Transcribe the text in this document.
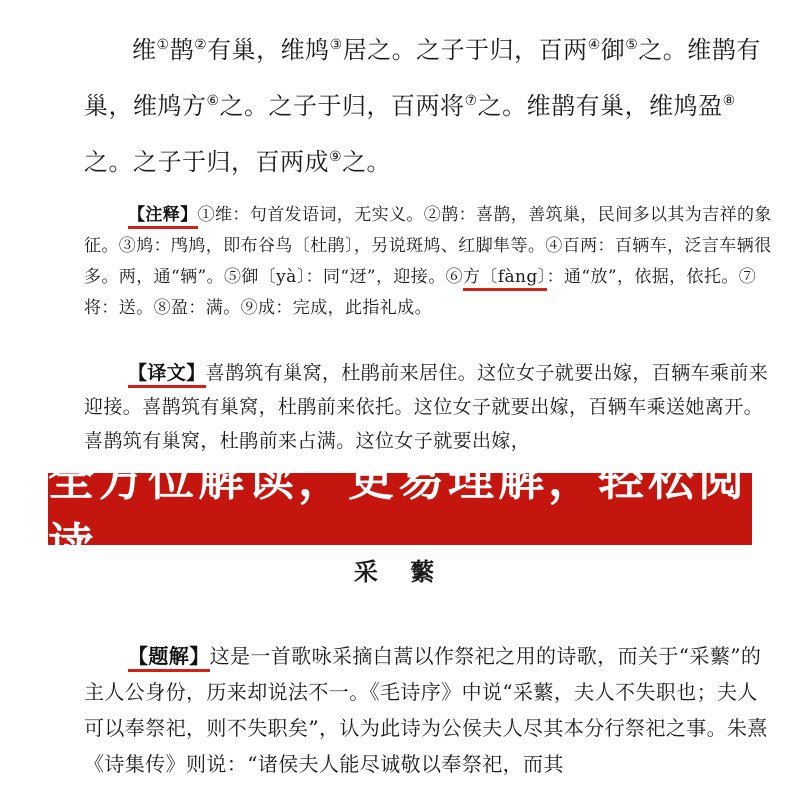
维①鹊②有巢，维鸠③居之。之子于归，百两④御⑤之。维鹊有巢，维鸠方⑥之。之子于归，百两将⑦之。维鹊有巢，维鸠盈⑧之。之子于归，百两成⑨之。
【注释】①维：句首发语词，无实义。②鹊：喜鹊，善筑巢，民间多以其为吉祥的象征。③鸠：鸤鸠，即布谷鸟〔杜鹃〕，另说斑鸠、红脚隼等。④百两：百辆车，泛言车辆很多。两，通“辆”。⑤御〔yà〕：同“迓”，迎接。⑥方〔fàng〕：通“放”，依据，依托。⑦将：送。⑧盈：满。⑨成：完成，此指礼成。
【译文】喜鹊筑有巢窝，杜鹃前来居住。这位女子就要出嫁，百辆车乘前来迎接。喜鹊筑有巢窝，杜鹃前来依托。这位女子就要出嫁，百辆车乘送她离开。喜鹊筑有巢窝，杜鹃前来占满。这位女子就要出嫁，
全方位解读，更易理解，轻松阅读	采 蘩
【题解】这是一首歌咏采摘白蒿以作祭祀之用的诗歌，而关于“采蘩”的主人公身份，历来却说法不一。《毛诗序》中说“采蘩，夫人不失职也；夫人可以奉祭祀，则不失职矣”，认为此诗为公侯夫人尽其本分行祭祀之事。朱熹《诗集传》则说：“诸侯夫人能尽诚敬以奉祭祀，而其
